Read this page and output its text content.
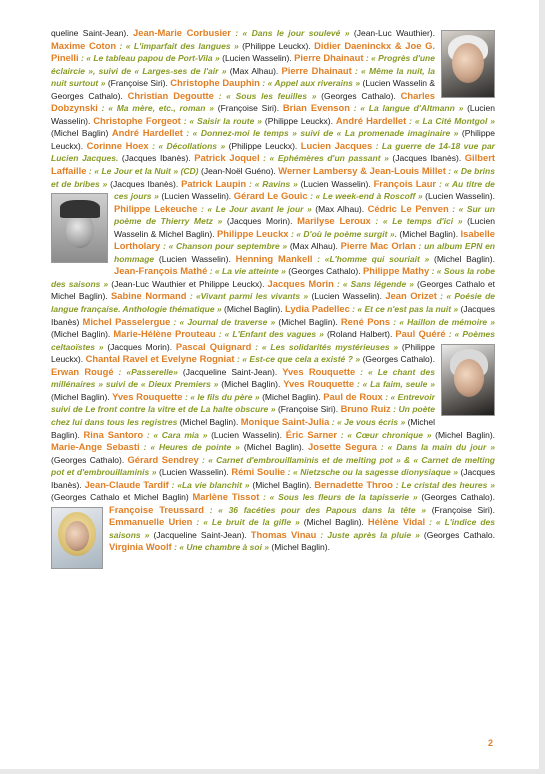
queline Saint-Jean). Jean-Marie Corbusier : « Dans le jour soulevé » (Jean-Luc Wauthier). Maxime Coton : « L'imparfait des langues » (Philippe Leuckx). Didier Daeninckx & Joe G. Pinelli : « Le tableau papou de Port-Vila » (Lucien Wasselin). Pierre Dhainaut : « Progrès d'une éclaircie », suivi de « Larges-ses de l'air » (Max Alhau). Pierre Dhainaut : « Même la nuit, la nuit surtout » (Françoise Siri). Christophe Dauphin : « Appel aux riverains » (Lucien Wasselin & Georges Cathalo). Christian Degoutte : « Sous les feuilles » (Georges Cathalo). Charles Dobzynski : « Ma mère, etc., roman » (Françoise Siri). Brian Evenson : « La langue d'Altmann » (Lucien Wasselin). Christophe Forgeot : « Saisir la route » (Philippe Leuckx). André Hardellet : « La Cité Montgol » (Michel Baglin) André Hardellet : « Donnez-moi le temps » suivi de « La promenade imaginaire » (Philippe Leuckx). Corinne Hoex : « Décollations » (Philippe Leuckx). Lucien Jacques : La guerre de 14-18 vue par Lucien Jacques. (Jacques Ibanès). Patrick Joquel : « Ephémères d'un passant » (Jacques Ibanès). Gilbert Laffaille : « Le Jour et la Nuit » (CD) (Jean-Noël Guéno). Werner Lambersy & Jean-Louis Millet : « De brins et de bribes » (Jacques Ibanès). Patrick Laupin : « Ravins » (Lucien Wasselin). François Laur : « Au titre de ces jours » (Lucien Wasselin). Gérard Le Gouic : « Le week-end à Roscoff » (Lucien Wasselin). Philippe Lekeuche : « Le Jour avant le jour » (Max Alhau). Cédric Le Penven : « Sur un poème de Thierry Metz » (Jacques Morin). Marilyse Leroux : « Le temps d'ici » (Lucien Wasselin & Michel Baglin). Philippe Leuckx : « D'où le poème surgit ». (Michel Baglin). Isabelle Lortholary : « Chanson pour septembre » (Max Alhau). Pierre Mac Orlan : un album EPN en hommage (Lucien Wasselin). Henning Mankell : «L'homme qui souriait » (Michel Baglin). Jean-François Mathé : « La vie atteinte » (Georges Cathalo). Philippe Mathy : « Sous la robe des saisons » (Jean-Luc Wauthier et Philippe Leuckx). Jacques Morin : « Sans légende » (Georges Cathalo et Michel Baglin). Sabine Normand : «Vivant parmi les vivants » (Lucien Wasselin). Jean Orizet : « Poésie de langue française. Anthologie thématique » (Michel Baglin). Lydia Padellec : « Et ce n'est pas la nuit » (Jacques Ibanès) Michel Passelergue : « Journal de traverse » (Michel Baglin). René Pons : « Haillon de mémoire » (Michel Baglin). Marie-Hélène Prouteau : « L'Enfant des vagues » (Roland Halbert). Paul Quéré : « Poèmes celtaoïstes » (Jacques Morin). Pascal Quignard : « Les solidarités mystérieuses » (Philippe Leuckx). Chantal Ravel et Evelyne Rogniat : « Est-ce que cela a existé ? » (Georges Cathalo). Erwan Rougé : «Passerelle» (Jacqueline Saint-Jean). Yves Rouquette : « Le chant des millénaires » suivi de « Dieux Premiers » (Michel Baglin). Yves Rouquette : « La faim, seule » (Michel Baglin). Yves Rouquette : « le fils du père » (Michel Baglin). Paul de Roux : « Entrevoir suivi de Le front contre la vitre et de La halte obscure » (Françoise Siri). Bruno Ruiz : Un poète chez lui dans tous les registres (Michel Baglin). Monique Saint-Julia : « Je vous écris » (Michel Baglin). Rina Santoro : « Cara mia » (Lucien Wasselin). Éric Sarner : « Cœur chronique » (Michel Baglin). Marie-Ange Sebasti : « Heures de pointe » (Michel Baglin). Josette Segura : « Dans la main du jour » (Georges Cathalo). Gérard Sendrey : « Carnet d'embrouillaminis et de melting pot » & « Carnet de melting pot et d'embrouillaminis » (Lucien Wasselin). Rémi Soulie : « Nietzsche ou la sagesse dionysiaque » (Jacques Ibanès). Jean-Claude Tardif : «La vie blanchit » (Michel Baglin). Bernadette Throo : Le cristal des heures » (Georges Cathalo et Michel Baglin) Marlène Tissot : « Sous les fleurs de la tapisserie » (Georges Cathalo).
Françoise Treussard : « 36 facéties pour des Papous dans la tête » (Françoise Siri). Emmanuelle Urien : « Le bruit de la gifle » (Michel Baglin). Hélène Vidal : « L'indice des saisons » (Jacqueline Saint-Jean). Thomas Vinau : Juste après la pluie » (Georges Cathalo. Virginia Woolf : « Une chambre à soi » (Michel Baglin).
2
